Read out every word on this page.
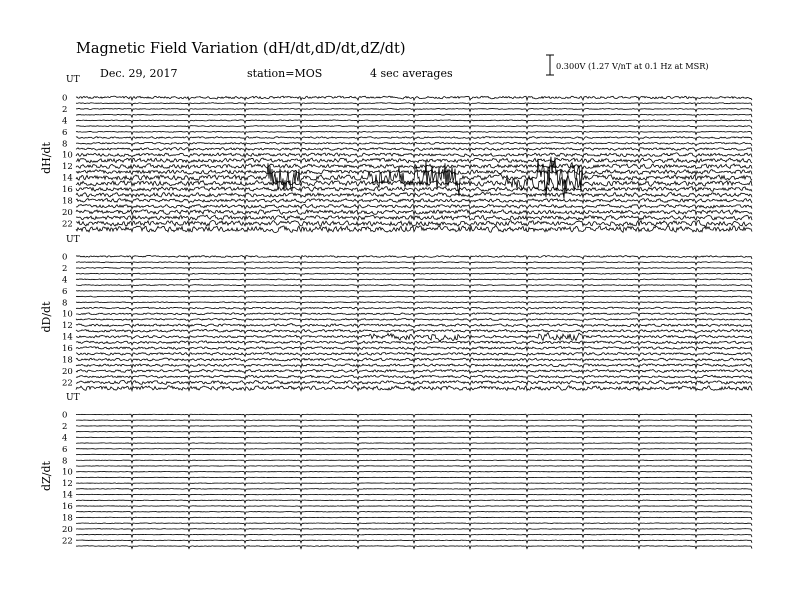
Magnetic Field Variation (dH/dt,dD/dt,dZ/dt)
Dec. 29, 2017	station=MOS	4 sec averages
0.300V (1.27 V/nT at 0.1 Hz at MSR)
UT
dH/dt
0
2
4
6
8
10
12
14
16
18
20
22
UT
dD/dt
0
2
4
6
8
10
12
14
16
18
20
22
UT
dZ/dt
0
2
4
6
8
10
12
14
16
18
20
22
